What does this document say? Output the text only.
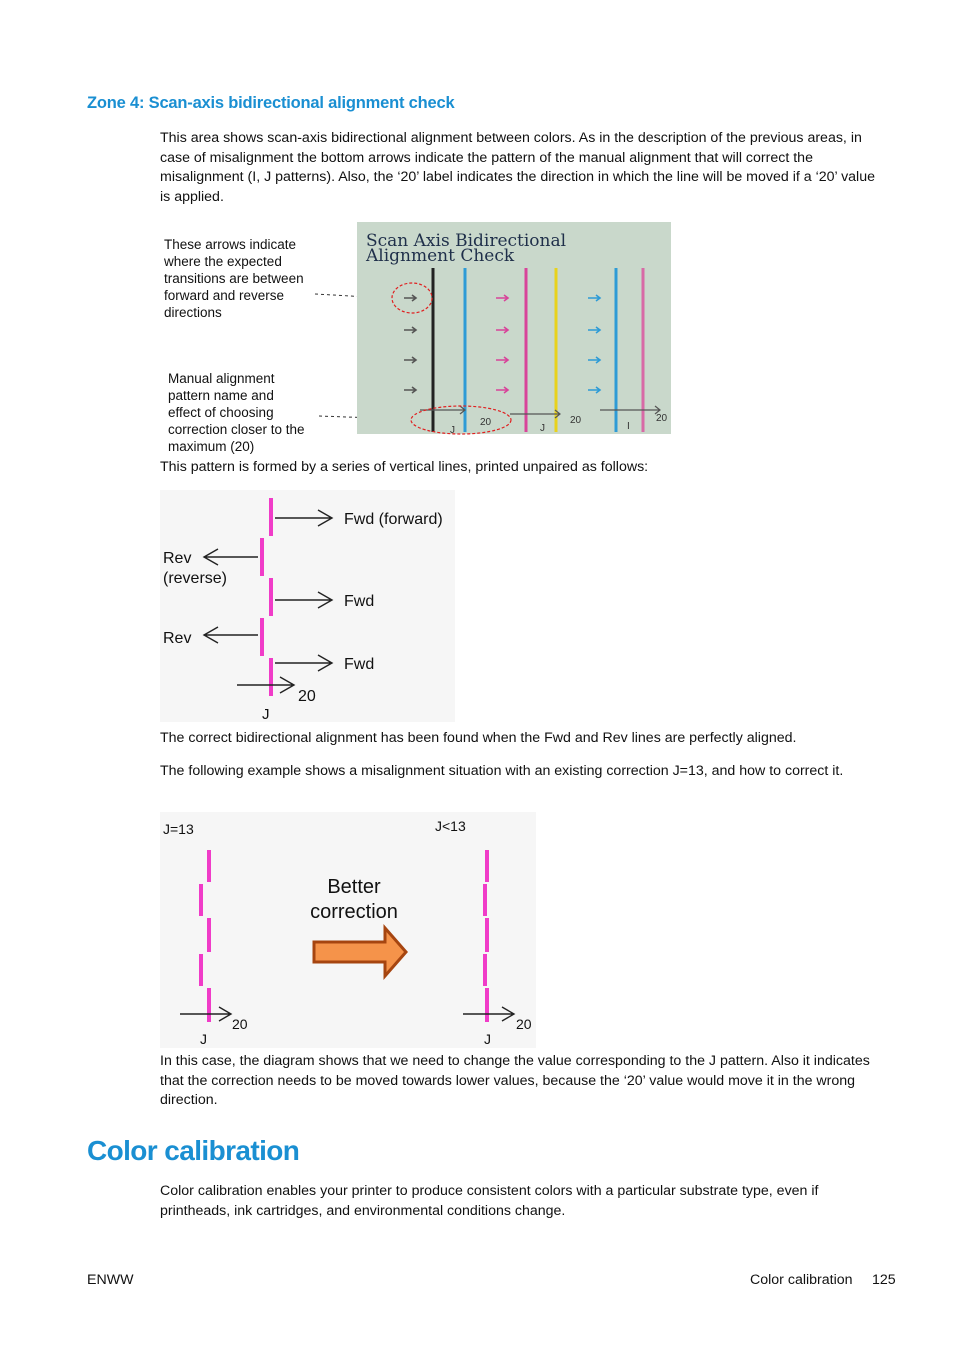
Zone 4: Scan-axis bidirectional alignment check
This area shows scan-axis bidirectional alignment between colors. As in the description of the previous areas, in case of misalignment the bottom arrows indicate the pattern of the manual alignment that will correct the misalignment (I, J patterns). Also, the ‘20’ label indicates the direction in which the line will be moved if a ‘20’ value is applied.
These arrows indicate where the expected transitions are between forward and reverse directions
Manual alignment pattern name and effect of choosing correction closer to the maximum (20)
Scan Axis Bidirectional
Alignment Check
20	20	20
J	J	I
This pattern is formed by a series of vertical lines, printed unpaired as follows:
Fwd (forward)
Rev
(reverse)
Fwd
Rev
Fwd
20
J
The correct bidirectional alignment has been found when the Fwd and Rev lines are perfectly aligned.
The following example shows a misalignment situation with an existing correction J=13, and how to correct it.
J=13	J<13
20	20
J	J
Better
correction
In this case, the diagram shows that we need to change the value corresponding to the J pattern. Also it indicates that the correction needs to be moved towards lower values, because the ‘20’ value would move it in the wrong direction.
Color calibration
Color calibration enables your printer to produce consistent colors with a particular substrate type, even if printheads, ink cartridges, and environmental conditions change.
ENWW	Color calibration 125
